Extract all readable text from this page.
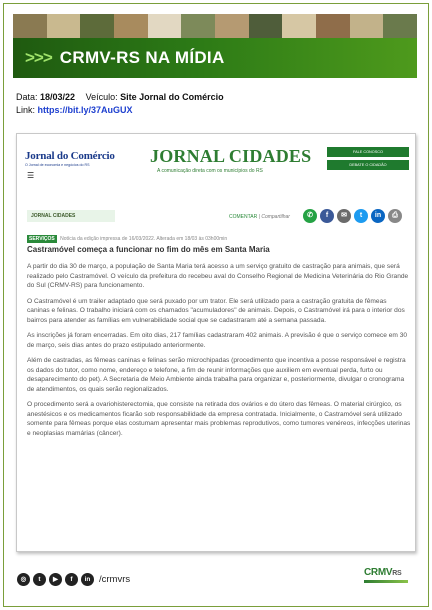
>>> CRMV-RS NA MÍDIA
Data: 18/03/22 Veículo: Site Jornal do Comércio
Link: https://bit.ly/37AuGUX
Jornal do Comércio
O Jornal de economia e negócios do RS
☰
JORNAL CIDADES
A comunicação direta com os municípios do RS
FALE CONOSCO
DEBATE O CIDADÃO
JORNAL CIDADES	COMENTAR | Compartilhar	✆	f	✉	t	in	⎙
SERVIÇOS Notícia da edição impressa de 16/03/2022. Alterada em 18/03 às 03h00min
Castramóvel começa a funcionar no fim do mês em Santa Maria

A partir do dia 30 de março, a população de Santa Maria terá acesso a um serviço gratuito de castração para animais, que será realizado pelo Castramóvel. O veículo da prefeitura do recebeu aval do Conselho Regional de Medicina Veterinária do Rio Grande do Sul (CRMV-RS) para funcionamento.

O Castramóvel é um trailer adaptado que será puxado por um trator. Ele será utilizado para a castração gratuita de fêmeas caninas e felinas. O trabalho iniciará com os chamados "acumuladores" de animais. Depois, o Castramóvel irá para o interior dos bairros para atender as famílias em vulnerabilidade social que se cadastraram até a semana passada.

As inscrições já foram encerradas. Em oito dias, 217 famílias cadastraram 402 animais. A previsão é que o serviço comece em 30 de março, seis dias antes do prazo estipulado anteriormente.

Além de castradas, as fêmeas caninas e felinas serão microchipadas (procedimento que incentiva a posse responsável e registra os dados do tutor, como nome, endereço e telefone, a fim de reunir informações que auxiliem em eventual perda, furto ou desaparecimento do pet). A Secretaria de Meio Ambiente ainda trabalha para organizar e, posteriormente, divulgar o cronograma de atendimentos, os quais serão regionalizados.

O procedimento será a ovariohisterectomia, que consiste na retirada dos ovários e do útero das fêmeas. O material cirúrgico, os anestésicos e os medicamentos ficarão sob responsabilidade da empresa contratada. Inicialmente, o Castramóvel será utilizado somente para fêmeas porque elas costumam apresentar mais problemas reprodutivos, como tumores venéreos, infecções uterinas e neoplasias mamárias (câncer).

◎	t	▶	f	in /crmvrs
CRMVRS
